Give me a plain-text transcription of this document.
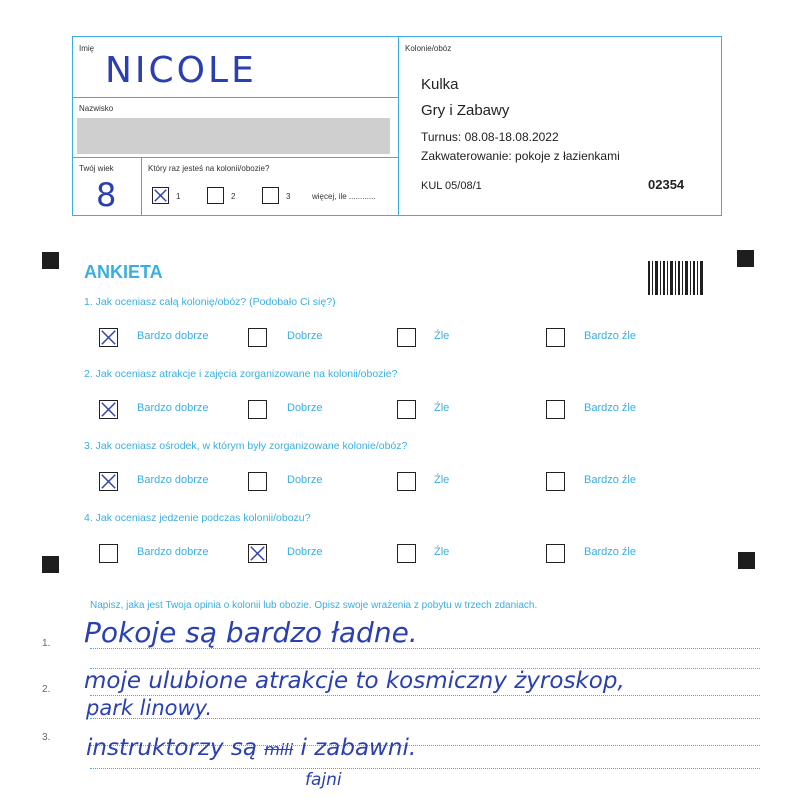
Imię
NICOLE
Nazwisko
Twój wiek
8
Który raz jesteś na kolonii/obozie?
1	2	3	więcej, ile ............
Kolonie/obóz
Kulka
Gry i Zabawy
Turnus: 08.08-18.08.2022
Zakwaterowanie: pokoje z łazienkami
KUL 05/08/1	02354
ANKIETA
1. Jak oceniasz całą kolonię/obóz? (Podobało Ci się?)
Bardzo dobrze	Dobrze	Źle	Bardzo źle
2. Jak oceniasz atrakcje i zajęcia zorganizowane na kolonii/obozie?
Bardzo dobrze	Dobrze	Źle	Bardzo źle
3. Jak oceniasz ośrodek, w którym były zorganizowane kolonie/obóz?
Bardzo dobrze	Dobrze	Źle	Bardzo źle
4. Jak oceniasz jedzenie podczas kolonii/obozu?
Bardzo dobrze	Dobrze	Źle	Bardzo źle
Napisz, jaka jest Twoja opinia o kolonii lub obozie. Opisz swoje wrażenia z pobytu w trzech zdaniach.
1.
2.
3.
Pokoje są bardzo ładne.
moje ulubione atrakcje to kosmiczny żyroskop,
park linowy.
instruktorzy są mili i zabawni.
fajni
